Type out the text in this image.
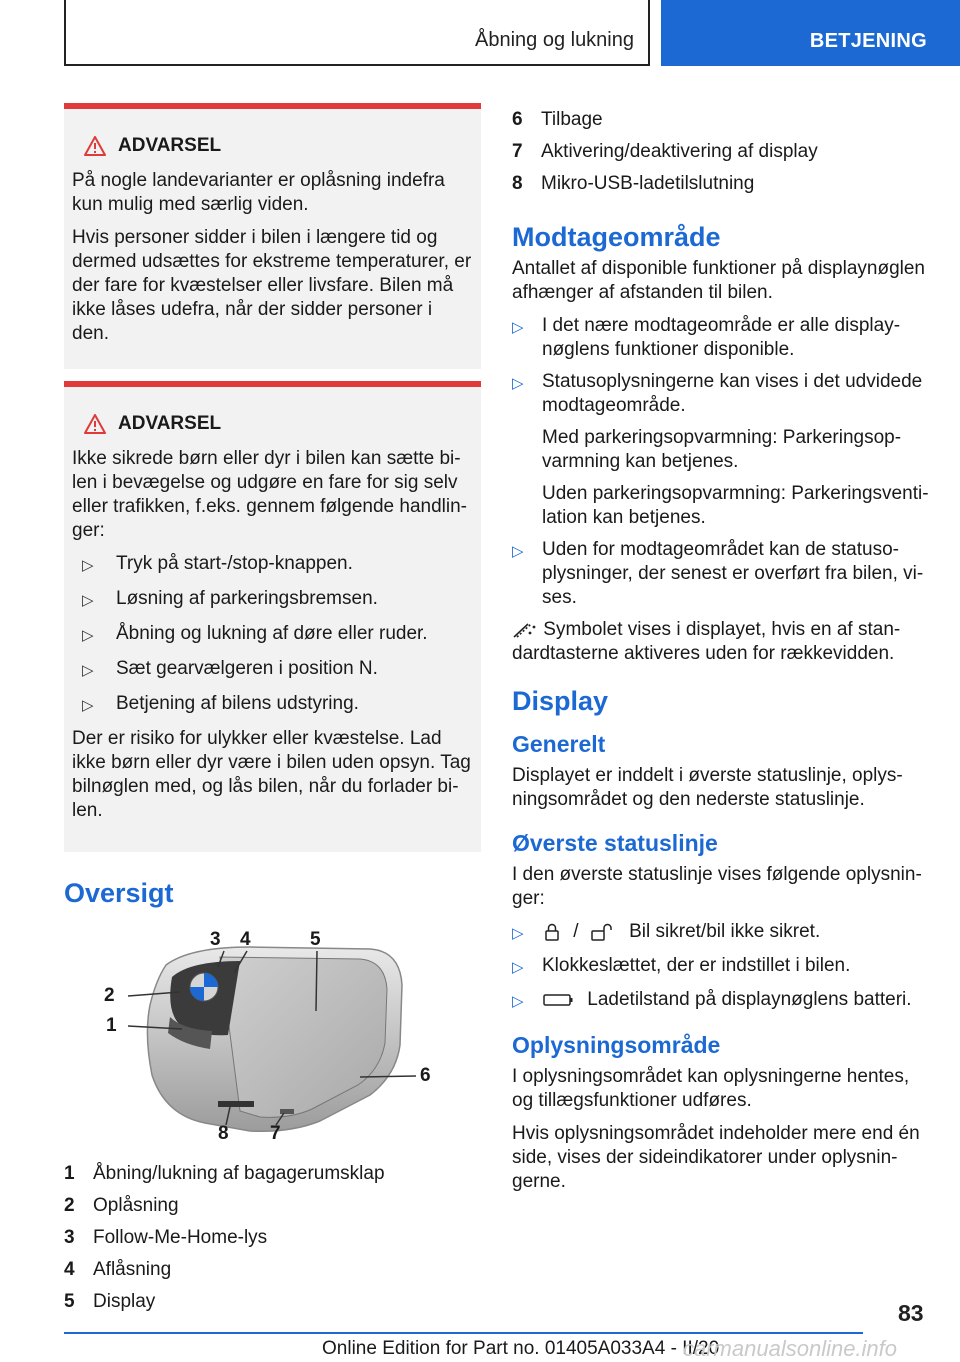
Åbning og lukning	BETJENING
ADVARSEL

På nogle landevarianter er oplåsning indefra kun mulig med særlig viden.

Hvis personer sidder i bilen i længere tid og dermed udsættes for ekstreme temperaturer, er der fare for kvæstelser eller livsfare. Bilen må ikke låses udefra, når der sidder personer i den.

ADVARSEL

Ikke sikrede børn eller dyr i bilen kan sætte bilen i bevægelse og udgøre en fare for sig selv eller trafikken, f.eks. gennem følgende handlinger:

▷	Tryk på start-/stop-knappen.
▷	Løsning af parkeringsbremsen.
▷	Åbning og lukning af døre eller ruder.
▷	Sæt gearvælgeren i position N.
▷	Betjening af bilens udstyring.

Der er risiko for ulykker eller kvæstelse. Lad ikke børn eller dyr være i bilen uden opsyn. Tag bilnøglen med, og lås bilen, når du forlader bilen.

Oversigt
1
2
3 4	5
6
7
8
1 Åbning/lukning af bagagerumsklap
2 Oplåsning
3 Follow-Me-Home-lys
4 Aflåsning
5 Display
6 Tilbage
7 Aktivering/deaktivering af display
8 Mikro-USB-ladetilslutning
Modtageområde

Antallet af disponible funktioner på displaynøglen afhænger af afstanden til bilen.

▷ I det nære modtageområde er alle displaynøglens funktioner disponible.
▷ Statusoplysningerne kan vises i det udvidede modtageområde.
Med parkeringsopvarmning: Parkeringsopvarmning kan betjenes.
Uden parkeringsopvarmning: Parkeringsventilation kan betjenes.
▷ Uden for modtageområdet kan de statusoplysninger, der senest er overført fra bilen, vises.

Symbolet vises i displayet, hvis en af standardtasterne aktiveres uden for rækkevidden.

Display
Generelt

Displayet er inddelt i øverste statuslinje, oplysningsområdet og den nederste statuslinje.

Øverste statuslinje

I den øverste statuslinje vises følgende oplysninger:

▷	/	Bil sikret/bil ikke sikret.
▷ Klokkeslættet, der er indstillet i bilen.
▷	Ladetilstand på displaynøglens batteri.
Oplysningsområde

I oplysningsområdet kan oplysningerne hentes, og tillægsfunktioner udføres.

Hvis oplysningsområdet indeholder mere end én side, vises der sideindikatorer under oplysningerne.

83
Online Edition for Part no. 01405A033A4 - II/20
carmanualsonline.info
